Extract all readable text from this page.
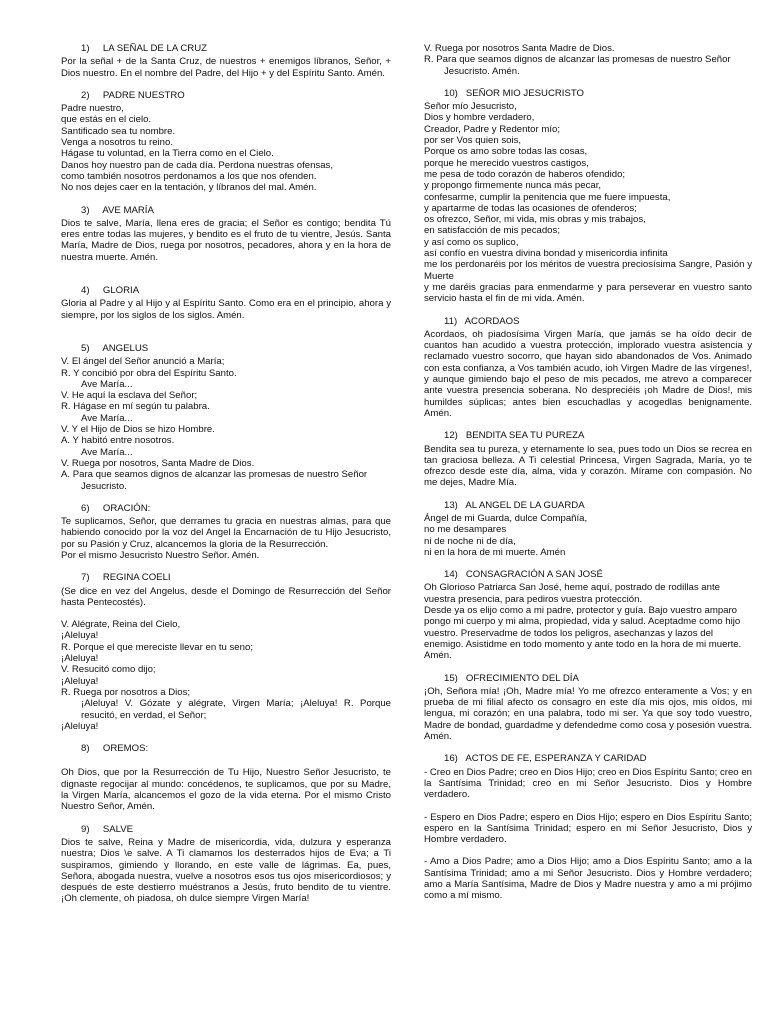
1)     LA SEÑAL DE LA CRUZ
Por la señal + de la Santa Cruz, de nuestros + enemigos líbranos, Señor, + Dios nuestro. En el nombre del Padre, del Hijo + y del Espíritu Santo. Amén.
2)     PADRE NUESTRO
Padre nuestro,
que estás en el cielo.
Santificado sea tu nombre.
Venga a nosotros tu reino.
Hágase tu voluntad, en la Tierra como en el Cielo.
Danos hoy nuestro pan de cada día. Perdona nuestras ofensas,
como también nosotros perdonamos a los que nos ofenden.
No nos dejes caer en la tentación, y líbranos del mal. Amén.
3)     AVE MARÍA
Dios te salve, María, llena eres de gracia; el Señor es contigo; bendita Tú eres entre todas las mujeres, y bendito es el fruto de tu vientre, Jesús. Santa María, Madre de Dios, ruega por nosotros, pecadores, ahora y en la hora de nuestra muerte. Amén.
4)     GLORIA
Gloria al Padre y al Hijo y al Espíritu Santo. Como era en el principio, ahora y siempre, por los siglos de los siglos. Amén.
5)     ANGELUS
V. El ángel del Señor anunció a María;
R. Y concibió por obra del Espíritu Santo.
Ave María...
V. He aquí la esclava del Señor;
R. Hágase en mí según tu palabra.
Ave María...
V. Y el Hijo de Dios se hizo Hombre.
A. Y habitó entre nosotros.
Ave María...
V. Ruega por nosotros, Santa Madre de Dios.
A. Para que seamos dignos de alcanzar las promesas de nuestro Señor
Jesucristo.
6)     ORACIÓN:
Te suplicamos, Señor, que derrames tu gracia en nuestras almas, para que habiendo conocido por la voz del Angel la Encarnación de tu Hijo Jesucristo, por su Pasión y Cruz, alcancemos la gloria de la Resurrección.
Por el mismo Jesucristo Nuestro Señor. Amén.
7)     REGINA COELI
(Se dice en vez del Angelus, desde el Domingo de Resurrección del Señor hasta Pentecostés).
V. Alégrate, Reina del Cielo,
¡Aleluya!
R. Porque el que mereciste llevar en tu seno;
¡Aleluya!
V. Resucitó como dijo;
¡Aleluya!
R. Ruega por nosotros a Dios;
¡Aleluya! V. Gózate y alégrate, Virgen María; ¡Aleluya! R. Porque resucitó, en verdad, el Señor;
¡Aleluya!
8)     OREMOS:
Oh Dios, que por la Resurrección de Tu Hijo, Nuestro Señor Jesucristo, te dignaste regocijar al mundo: concédenos, te suplicamos, que por su Madre, la Virgen María, alcancemos el gozo de la vida eterna. Por el mismo Cristo Nuestro Señor, Amén.
9)     SALVE
Dios te salve, Reina y Madre de misericordia, vida, dulzura y esperanza nuestra; Dios \e salve. A Ti clamamos los desterrados hijos de Eva; a Ti suspiramos, gimiendo y llorando, en este valle de lágrimas. Ea, pues, Señora, abogada nuestra, vuelve a nosotros esos tus ojos misericordiosos; y después de este destierro muéstranos a Jesús, fruto bendito de tu vientre. ¡Oh clemente, oh piadosa, oh dulce siempre Virgen María!
V. Ruega por nosotros Santa Madre de Dios.
R. Para que seamos dignos de alcanzar las promesas de nuestro Señor
Jesucristo. Amén.
10)   SEÑOR MIO JESUCRISTO
Señor mío Jesucristo,
Dios y hombre verdadero,
Creador, Padre y Redentor mío;
por ser Vos quien sois,
Porque os amo sobre todas las cosas,
porque he merecido vuestros castigos,
me pesa de todo corazón de haberos ofendido;
y propongo firmemente nunca más pecar,
confesarme, cumplir la penitencia que me fuere impuesta,
y apartarme de todas las ocasiones de ofenderos;
os ofrezco, Señor, mi vida, mis obras y mis trabajos,
en satisfacción de mis pecados;
y así como os suplico,
así confío en vuestra divina bondad y misericordia infinita
me los perdonaréis por los méritos de vuestra preciosísima Sangre, Pasión y Muerte
y me daréis gracias para enmendarme y para perseverar en vuestro santo servicio hasta el fin de mi vida. Amén.
11)   ACORDAOS
Acordaos, oh piadosísima Virgen María, que jamás se ha oído decir de cuantos han acudido a vuestra protección, implorado vuestra asistencia y reclamado vuestro socorro, que hayan sido abandonados de Vos. Animado con esta confianza, a Vos también acudo, ioh Virgen Madre de las vírgenes!, y aunque gimiendo bajo el peso de mis pecados, me atrevo a comparecer ante vuestra presencia soberana. No despreciéis ¡oh Madre de Dios!, mis humildes súplicas; antes bien escuchadlas y acogedlas benignamente. Amén.
12)   BENDITA SEA TU PUREZA
Bendita sea tu pureza, y eternamente lo sea, pues todo un Dios se recrea en tan graciosa belleza. A Ti celestial Princesa, Virgen Sagrada, María, yo te ofrezco desde este día, alma, vida y corazón. Mírame con compasión. No me dejes, Madre Mía.
13)   AL ANGEL DE LA GUARDA
Ángel de mi Guarda, dulce Compañía,
no me desampares
ni de noche ni de día,
ni en la hora de mi muerte. Amén
14)   CONSAGRACIÓN A SAN JOSÉ
Oh Glorioso Patriarca San José, heme aquí, postrado de rodillas ante vuestra presencia, para pediros vuestra protección.
Desde ya os elijo como a mi padre, protector y guía. Bajo vuestro amparo pongo mi cuerpo y mi alma, propiedad, vida y salud. Aceptadme como hijo vuestro. Preservadme de todos los peligros, asechanzas y lazos del enemigo. Asistidme en todo momento y ante todo en la hora de mi muerte. Amén.
15)   OFRECIMIENTO DEL DÍA
¡Oh, Señora mía! ¡Oh, Madre mía! Yo me ofrezco enteramente a Vos; y en prueba de mi filial afecto os consagro en este día mis ojos, mis oídos, mi lengua, mi corazón; en una palabra, todo mi ser. Ya que soy todo vuestro, Madre de bondad, guardadme y defendedme como cosa y posesión vuestra. Amén.
16)   ACTOS DE FE, ESPERANZA Y CARIDAD
- Creo en Dios Padre; creo en Dios Hijo; creo en Dios Espíritu Santo; creo en la Santísima Trinidad; creo en mi Señor Jesucristo. Dios y Hombre verdadero.
- Espero en Dios Padre; espero en Dios Hijo; espero en Dios Espíritu Santo; espero en la Santísima Trinidad; espero en mi Señor Jesucristo, Dios y Hombre verdadero.
- Amo a Dios Padre; amo a Dios Hijo; amo a Dios Espíritu Santo; amo a la Santísima Trinidad; amo a mi Señor Jesucristo. Dios y Hombre verdadero; amo a María Santísima, Madre de Dios y Madre nuestra y amo a mi prójimo como a mí mismo.
